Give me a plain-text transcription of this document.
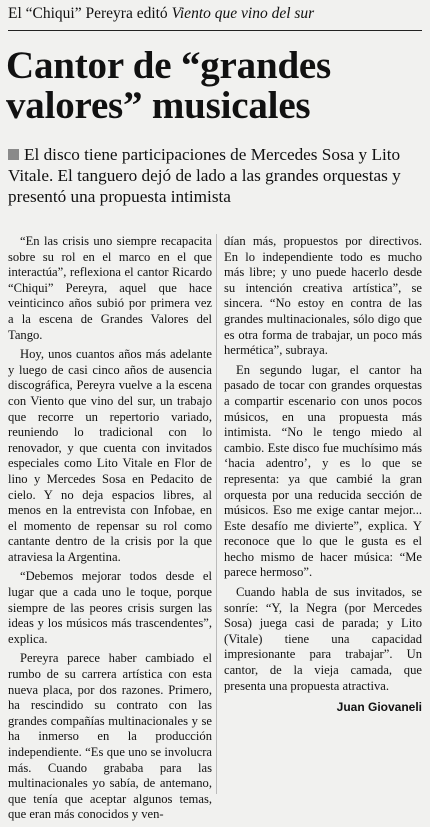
El “Chiqui” Pereyra editó Viento que vino del sur
Cantor de “grandes
valores” musicales
El disco tiene participaciones de Mercedes Sosa y Lito Vitale. El tanguero dejó de lado a las grandes orquestas y presentó una propuesta intimista

“En las crisis uno siempre recapacita sobre su rol en el marco en el que interactúa”, reflexiona el cantor Ricardo “Chiqui” Pereyra, aquel que hace veinticinco años subió por primera vez a la escena de Grandes Valores del Tango.

Hoy, unos cuantos años más adelante y luego de casi cinco años de ausencia discográfica, Pereyra vuelve a la escena con Viento que vino del sur, un trabajo que recorre un repertorio variado, reuniendo lo tradicional con lo renovador, y que cuenta con invitados especiales como Lito Vitale en Flor de lino y Mercedes Sosa en Pedacito de cielo. Y no deja espacios libres, al menos en la entrevista con Infobae, en el momento de repensar su rol como cantante dentro de la crisis por la que atraviesa la Argentina.

“Debemos mejorar todos desde el lugar que a cada uno le toque, porque siempre de las peores crisis surgen las ideas y los músicos más trascendentes”, explica.

Pereyra parece haber cambiado el rumbo de su carrera artística con esta nueva placa, por dos razones. Primero, ha rescindido su contrato con las grandes compañías multinacionales y se ha inmerso en la producción independiente. “Es que uno se involucra más. Cuando grababa para las multinacionales yo sabía, de antemano, que tenía que aceptar algunos temas, que eran más conocidos y ven-

dían más, propuestos por directivos. En lo independiente todo es mucho más libre; y uno puede hacerlo desde su intención creativa artística”, se sincera. “No estoy en contra de las grandes multinacionales, sólo digo que es otra forma de trabajar, un poco más hermética”, subraya.

En segundo lugar, el cantor ha pasado de tocar con grandes orquestas a compartir escenario con unos pocos músicos, en una propuesta más intimista. “No le tengo miedo al cambio. Este disco fue muchísimo más ‘hacia adentro’, y es lo que se representa: ya que cambié la gran orquesta por una reducida sección de músicos. Eso me exige cantar mejor... Este desafío me divierte”, explica. Y reconoce que lo que le gusta es el hecho mismo de hacer música: “Me parece hermoso”.

Cuando habla de sus invitados, se sonríe: “Y, la Negra (por Mercedes Sosa) juega casi de parada; y Lito (Vitale) tiene una capacidad impresionante para trabajar”. Un cantor, de la vieja camada, que presenta una propuesta atractiva.

Juan Giovaneli
